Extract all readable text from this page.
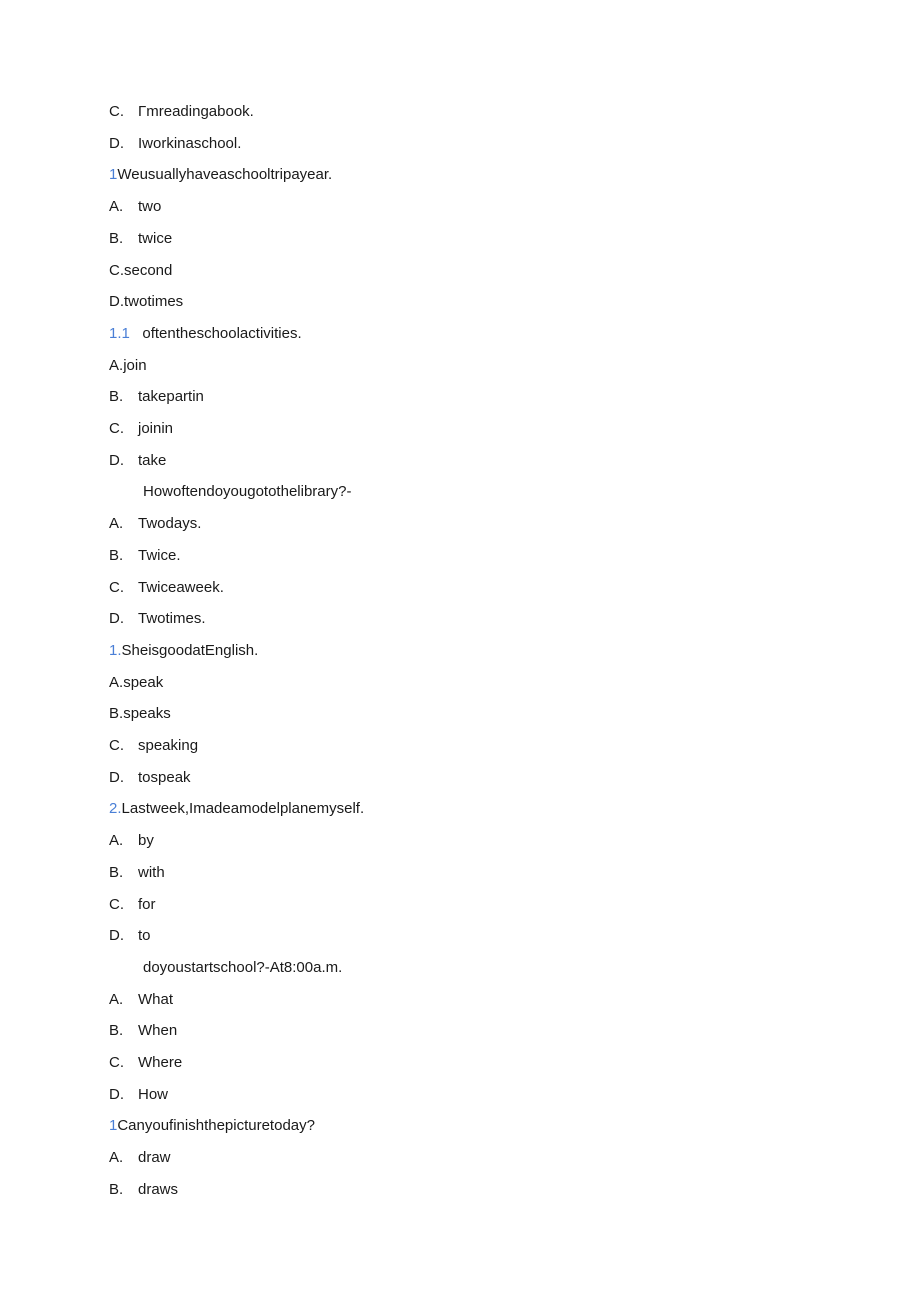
C. Γmreadingabook.
D. Iworkinaschool.
1Weusuallyhaveaschooltripayear.
A. two
B. twice
C.second
D.twotimes
1.1   oftentheschoolactivities.
A.join
B. takepartin
C. joinin
D. take
Howoftendoyougotothelibrary?-
A. Twodays.
B. Twice.
C. Twiceaweek.
D. Twotimes.
1.SheisgoodatEnglish.
A.speak
B.speaks
C. speaking
D. tospeak
2.Lastweek,Imadeamodelplanemyself.
A. by
B. with
C. for
D. to
doyoustartschool?-At8:00a.m.
A. What
B. When
C. Where
D. How
1Canyoufinishthepicturetoday?
A. draw
B. draws
